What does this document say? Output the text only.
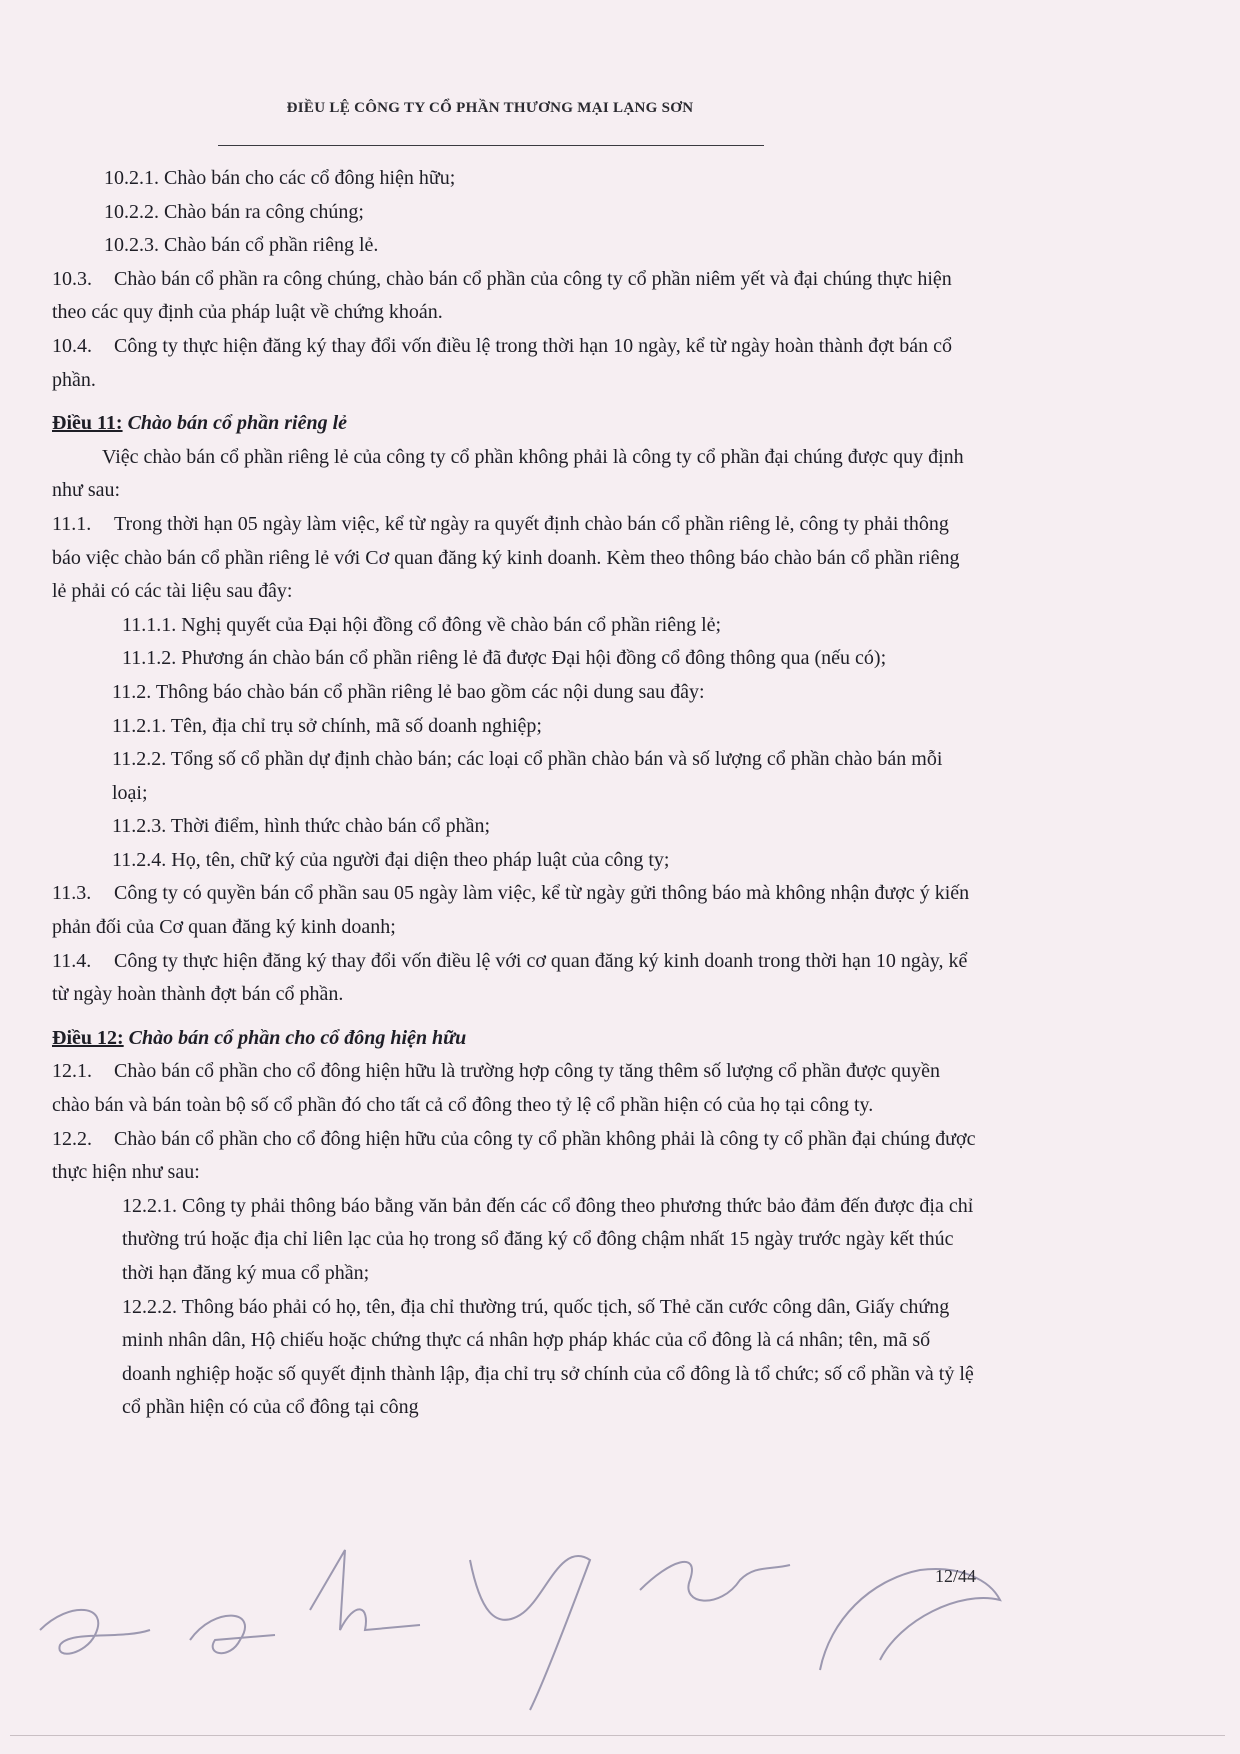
ĐIỀU LỆ CÔNG TY CỔ PHẦN THƯƠNG MẠI LẠNG SƠN

10.2.1. Chào bán cho các cổ đông hiện hữu;

10.2.2. Chào bán ra công chúng;

10.2.3. Chào bán cổ phần riêng lẻ.

10.3. Chào bán cổ phần ra công chúng, chào bán cổ phần của công ty cổ phần niêm yết và đại chúng thực hiện theo các quy định của pháp luật về chứng khoán.

10.4. Công ty thực hiện đăng ký thay đổi vốn điều lệ trong thời hạn 10 ngày, kể từ ngày hoàn thành đợt bán cổ phần.

Điều 11: Chào bán cổ phần riêng lẻ

Việc chào bán cổ phần riêng lẻ của công ty cổ phần không phải là công ty cổ phần đại chúng được quy định như sau:

11.1. Trong thời hạn 05 ngày làm việc, kể từ ngày ra quyết định chào bán cổ phần riêng lẻ, công ty phải thông báo việc chào bán cổ phần riêng lẻ với Cơ quan đăng ký kinh doanh. Kèm theo thông báo chào bán cổ phần riêng lẻ phải có các tài liệu sau đây:

11.1.1. Nghị quyết của Đại hội đồng cổ đông về chào bán cổ phần riêng lẻ;

11.1.2. Phương án chào bán cổ phần riêng lẻ đã được Đại hội đồng cổ đông thông qua (nếu có);

11.2. Thông báo chào bán cổ phần riêng lẻ bao gồm các nội dung sau đây:

11.2.1. Tên, địa chỉ trụ sở chính, mã số doanh nghiệp;

11.2.2. Tổng số cổ phần dự định chào bán; các loại cổ phần chào bán và số lượng cổ phần chào bán mỗi loại;

11.2.3. Thời điểm, hình thức chào bán cổ phần;

11.2.4. Họ, tên, chữ ký của người đại diện theo pháp luật của công ty;

11.3. Công ty có quyền bán cổ phần sau 05 ngày làm việc, kể từ ngày gửi thông báo mà không nhận được ý kiến phản đối của Cơ quan đăng ký kinh doanh;

11.4. Công ty thực hiện đăng ký thay đổi vốn điều lệ với cơ quan đăng ký kinh doanh trong thời hạn 10 ngày, kể từ ngày hoàn thành đợt bán cổ phần.

Điều 12: Chào bán cổ phần cho cổ đông hiện hữu

12.1. Chào bán cổ phần cho cổ đông hiện hữu là trường hợp công ty tăng thêm số lượng cổ phần được quyền chào bán và bán toàn bộ số cổ phần đó cho tất cả cổ đông theo tỷ lệ cổ phần hiện có của họ tại công ty.

12.2. Chào bán cổ phần cho cổ đông hiện hữu của công ty cổ phần không phải là công ty cổ phần đại chúng được thực hiện như sau:

12.2.1. Công ty phải thông báo bằng văn bản đến các cổ đông theo phương thức bảo đảm đến được địa chỉ thường trú hoặc địa chỉ liên lạc của họ trong sổ đăng ký cổ đông chậm nhất 15 ngày trước ngày kết thúc thời hạn đăng ký mua cổ phần;

12.2.2. Thông báo phải có họ, tên, địa chỉ thường trú, quốc tịch, số Thẻ căn cước công dân, Giấy chứng minh nhân dân, Hộ chiếu hoặc chứng thực cá nhân hợp pháp khác của cổ đông là cá nhân; tên, mã số doanh nghiệp hoặc số quyết định thành lập, địa chỉ trụ sở chính của cổ đông là tổ chức; số cổ phần và tỷ lệ cổ phần hiện có của cổ đông tại công

12/44
